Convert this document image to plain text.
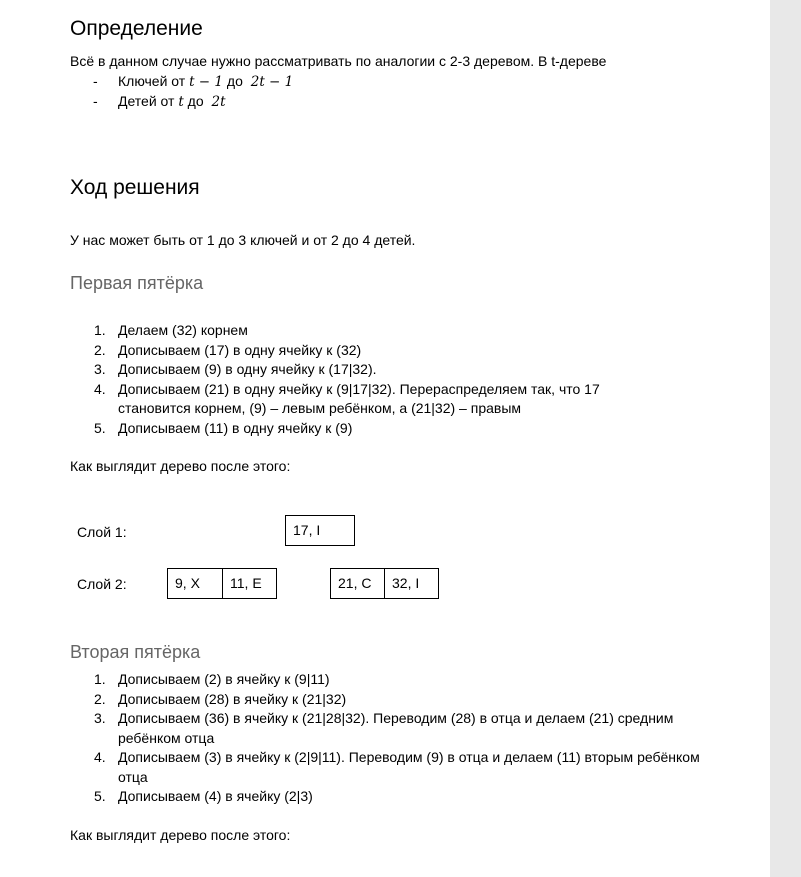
Определение
Всё в данном случае нужно рассматривать по аналогии с 2-3 деревом. В t-дереве
- Ключей от t − 1 до 2t − 1
- Детей от t до 2t
Ход решения
У нас может быть от 1 до 3 ключей и от 2 до 4 детей.
Первая пятёрка
1. Делаем (32) корнем
2. Дописываем (17) в одну ячейку к (32)
3. Дописываем (9) в одну ячейку к (17|32).
4. Дописываем (21) в одну ячейку к (9|17|32). Перераспределяем так, что 17 становится корнем, (9) – левым ребёнком, а (21|32) – правым
5. Дописываем (11) в одну ячейку к (9)
Как выглядит дерево после этого:
Слой 1:
Слой 2:
17, I
9, X	11, E	21, C	32, I
Вторая пятёрка
1. Дописываем (2) в ячейку к (9|11)
2. Дописываем (28) в ячейку к (21|32)
3. Дописываем (36) в ячейку к (21|28|32). Переводим (28) в отца и делаем (21) средним ребёнком отца
4. Дописываем (3) в ячейку к (2|9|11). Переводим (9) в отца и делаем (11) вторым ребёнком отца
5. Дописываем (4) в ячейку (2|3)
Как выглядит дерево после этого:
